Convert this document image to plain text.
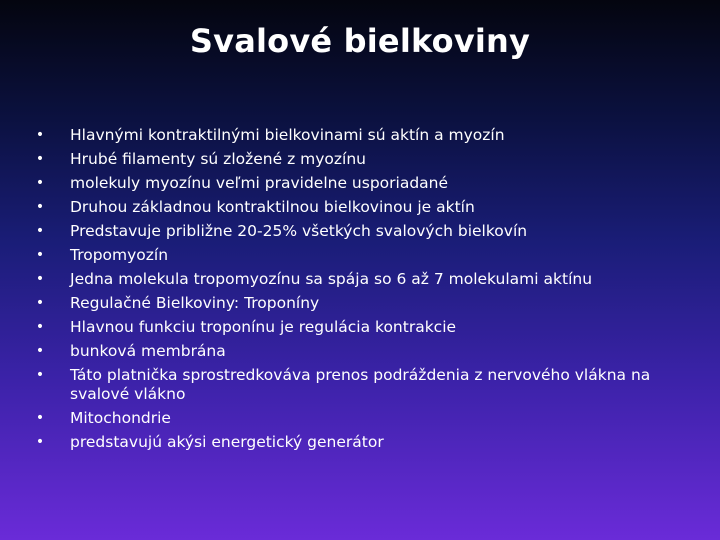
Svalové bielkoviny
•	Hlavnými kontraktilnými bielkovinami sú aktín a myozín
•	Hrubé filamenty sú zložené z myozínu
•	molekuly myozínu veľmi pravidelne usporiadané
•	Druhou základnou kontraktilnou bielkovinou je aktín
•	Predstavuje približne 20-25% všetkých svalových bielkovín
•	Tropomyozín
•	Jedna molekula tropomyozínu sa spája so 6 až 7 molekulami aktínu
•	Regulačné Bielkoviny: Troponíny
•	Hlavnou funkciu troponínu je regulácia kontrakcie
•	bunková membrána
•	Táto platnička sprostredkováva prenos podráždenia z nervového vlákna na svalové vlákno
•	Mitochondrie
•	predstavujú akýsi energetický generátor
